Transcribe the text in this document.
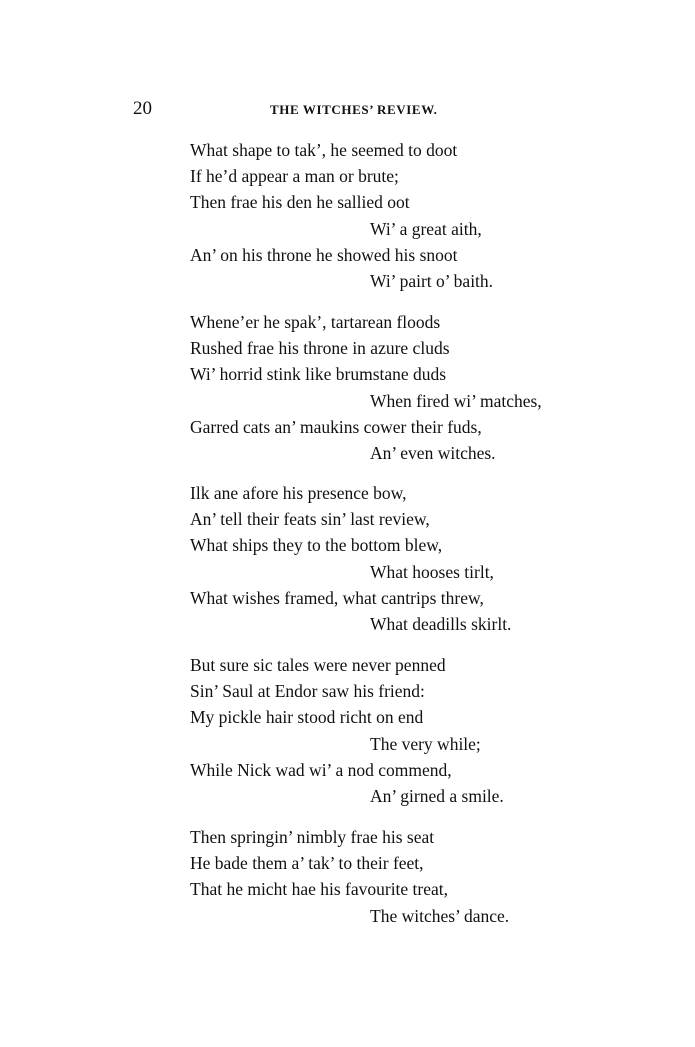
20	THE WITCHES’ REVIEW.
What shape to tak’, he seemed to doot
If he’d appear a man or brute;
Then frae his den he sallied oot
Wi’ a great aith,
An’ on his throne he showed his snoot
Wi’ pairt o’ baith.
Whene’er he spak’, tartarean floods
Rushed frae his throne in azure cluds
Wi’ horrid stink like brumstane duds
When fired wi’ matches,
Garred cats an’ maukins cower their fuds,
An’ even witches.
Ilk ane afore his presence bow,
An’ tell their feats sin’ last review,
What ships they to the bottom blew,
What hooses tirlt,
What wishes framed, what cantrips threw,
What deadills skirlt.
But sure sic tales were never penned
Sin’ Saul at Endor saw his friend:
My pickle hair stood richt on end
The very while;
While Nick wad wi’ a nod commend,
An’ girned a smile.
Then springin’ nimbly frae his seat
He bade them a’ tak’ to their feet,
That he micht hae his favourite treat,
The witches’ dance.
